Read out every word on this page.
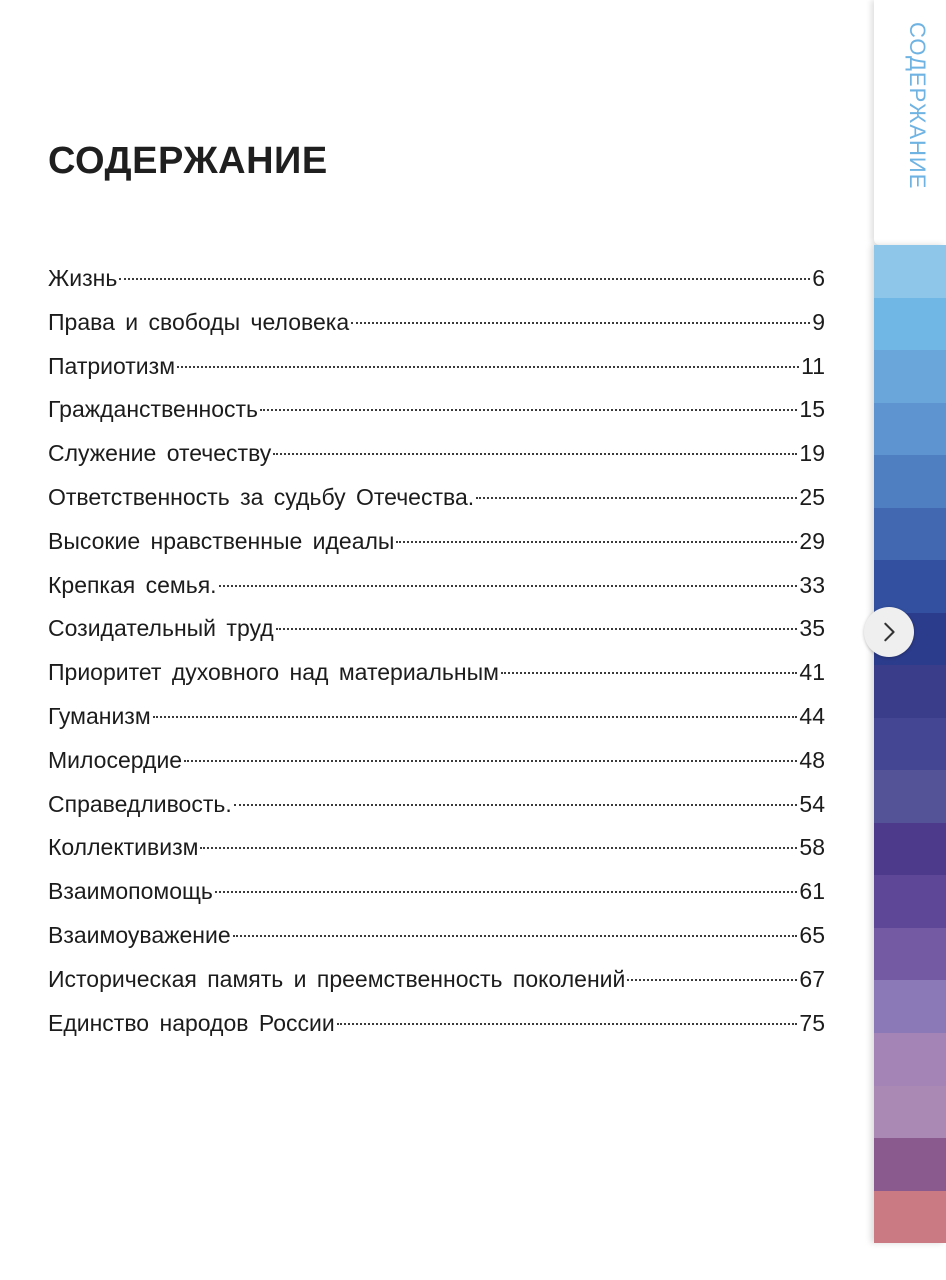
СОДЕРЖАНИЕ
Жизнь	6
Права и свободы человека	9
Патриотизм	11
Гражданственность	15
Служение отечеству	19
Ответственность за судьбу Отечества.	25
Высокие нравственные идеалы	29
Крепкая семья.	33
Созидательный труд	35
Приоритет духовного над материальным	41
Гуманизм	44
Милосердие	48
Справедливость.	54
Коллективизм	58
Взаимопомощь	61
Взаимоуважение	65
Историческая память и преемственность поколений	67
Единство народов России	75
СОДЕРЖАНИЕ
